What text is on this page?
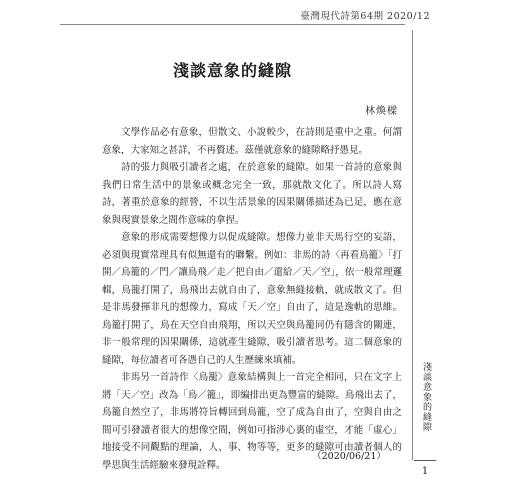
臺灣現代詩第64期 2020/12
淺談意象的縫隙
林煥樑

文學作品必有意象，但散文、小說較少，在詩則是重中之重。何謂意象，大家知之甚詳，不再贅述。茲僅就意象的縫隙略抒愚見。

詩的張力與吸引讀者之處，在於意象的縫隙。如果一首詩的意象與我們日常生活中的景象或概念完全一致，那就散文化了。所以詩人寫詩，著重於意象的經營，不以生活景象的因果關係描述為已足，應在意象與現實景象之間作意味的拿捏。

意象的形成需要想像力以促成縫隙。想像力並非天馬行空的妄語，必須與現實常理具有似無還有的聯繫。例如：非馬的詩〈再看鳥籠〉「打開／鳥籠的／門／讓鳥飛／走／把自由／還給／天／空」，依一般常理邏輯，鳥籠打開了，鳥飛出去就自由了，意象無縫接軌，就成散文了。但是非馬發揮非凡的想像力，寫成「天／空」自由了，這是逸軌的思維。鳥籠打開了，鳥在天空自由飛翔，所以天空與鳥籠同仍有隱含的關連，非一般常理的因果關係，這就產生縫隙，吸引讀者思考。這二個意象的縫隙，每位讀者可各憑自己的人生歷練來填補。

非馬另一首詩作〈鳥籠〉意象結構與上一首完全相同，只在文字上將「天／空」改為「鳥／籠」，即編排出更為豐富的縫隙。鳥飛出去了，鳥籠自然空了，非馬將符旨轉回到鳥籠，空了成為自由了，空與自由之間可引發讀者很大的想像空間，例如可指涉心裏的虛空，才能「虛心」地接受不同觀點的理論，人、事、物等等，更多的縫隙可由讀者個人的學思與生活經驗來發現詮釋。

（2020/06/21）
淺談意象的縫隙
1
